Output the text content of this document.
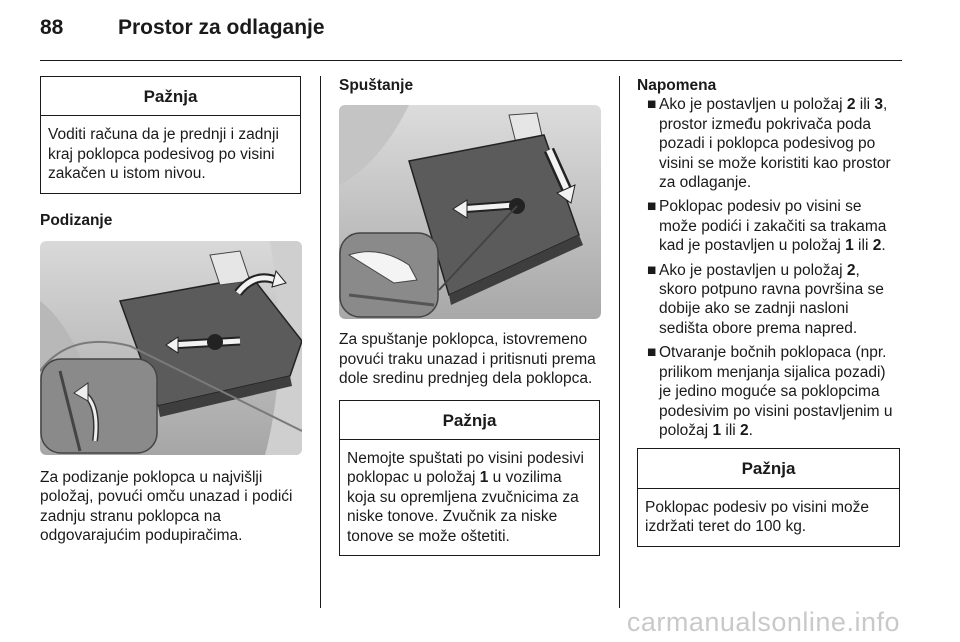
88	Prostor za odlaganje
Pažnja
Voditi računa da je prednji i zadnji kraj poklopca podesivog po visini zakačen u istom nivou.
Podizanje
Za podizanje poklopca u najvišlji položaj, povući omču unazad i podići zadnju stranu poklopca na odgovarajućim podupiračima.
Spuštanje
Za spuštanje poklopca, istovremeno povući traku unazad i pritisnuti prema dole sredinu prednjeg dela poklopca.
Pažnja
Nemojte spuštati po visini podesivi poklopac u položaj 1 u vozilima koja su opremljena zvučnicima za niske tonove. Zvučnik za niske tonove se može oštetiti.
Napomena
■ Ako je postavljen u položaj 2 ili 3, prostor između pokrivača poda pozadi i poklopca podesivog po visini se može koristiti kao prostor za odlaganje.
■ Poklopac podesiv po visini se može podići i zakačiti sa trakama kad je postavljen u položaj 1 ili 2.
■ Ako je postavljen u položaj 2, skoro potpuno ravna površina se dobije ako se zadnji nasloni sedišta obore prema napred.
■ Otvaranje bočnih poklopaca (npr. prilikom menjanja sijalica pozadi) je jedino moguće sa poklopcima podesivim po visini postavljenim u položaj 1 ili 2.
Pažnja
Poklopac podesiv po visini može izdržati teret do 100 kg.
carmanualsonline.info
